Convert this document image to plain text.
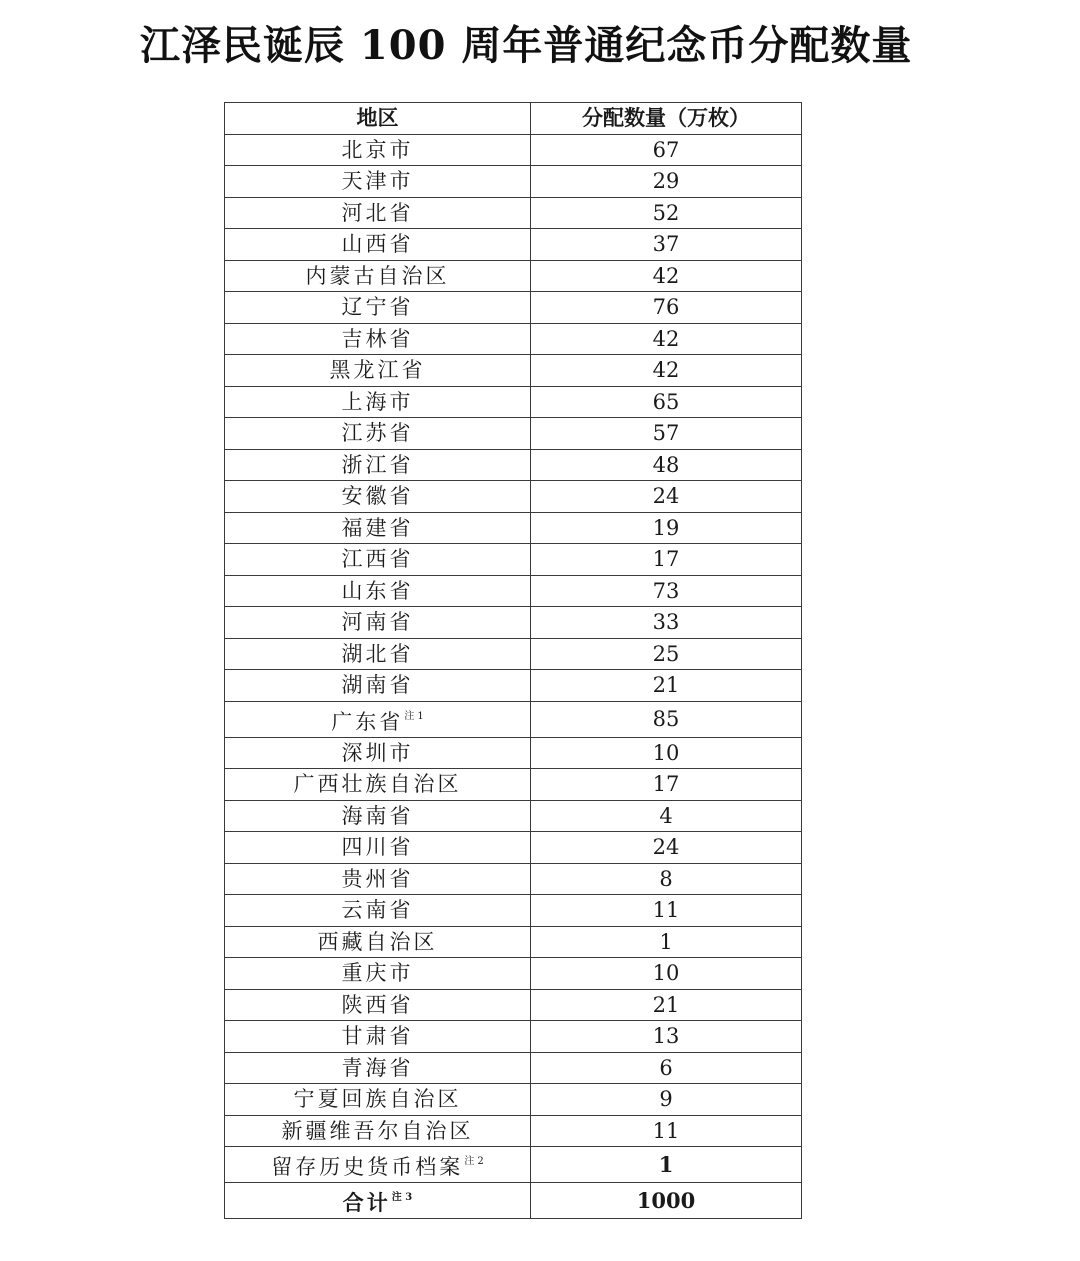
江泽民诞辰 100 周年普通纪念币分配数量
地区	分配数量（万枚）
北京市	67
天津市	29
河北省	52
山西省	37
内蒙古自治区	42
辽宁省	76
吉林省	42
黑龙江省	42
上海市	65
江苏省	57
浙江省	48
安徽省	24
福建省	19
江西省	17
山东省	73
河南省	33
湖北省	25
湖南省	21
广东省$^{注 1}$	85
深圳市	10
广西壮族自治区	17
海南省	4
四川省	24
贵州省	8
云南省	11
西藏自治区	1
重庆市	10
陕西省	21
甘肃省	13
青海省	6
宁夏回族自治区	9
新疆维吾尔自治区	11
留存历史货币档案$^{注 2}$	1
合计$^{注 3}$	1000
